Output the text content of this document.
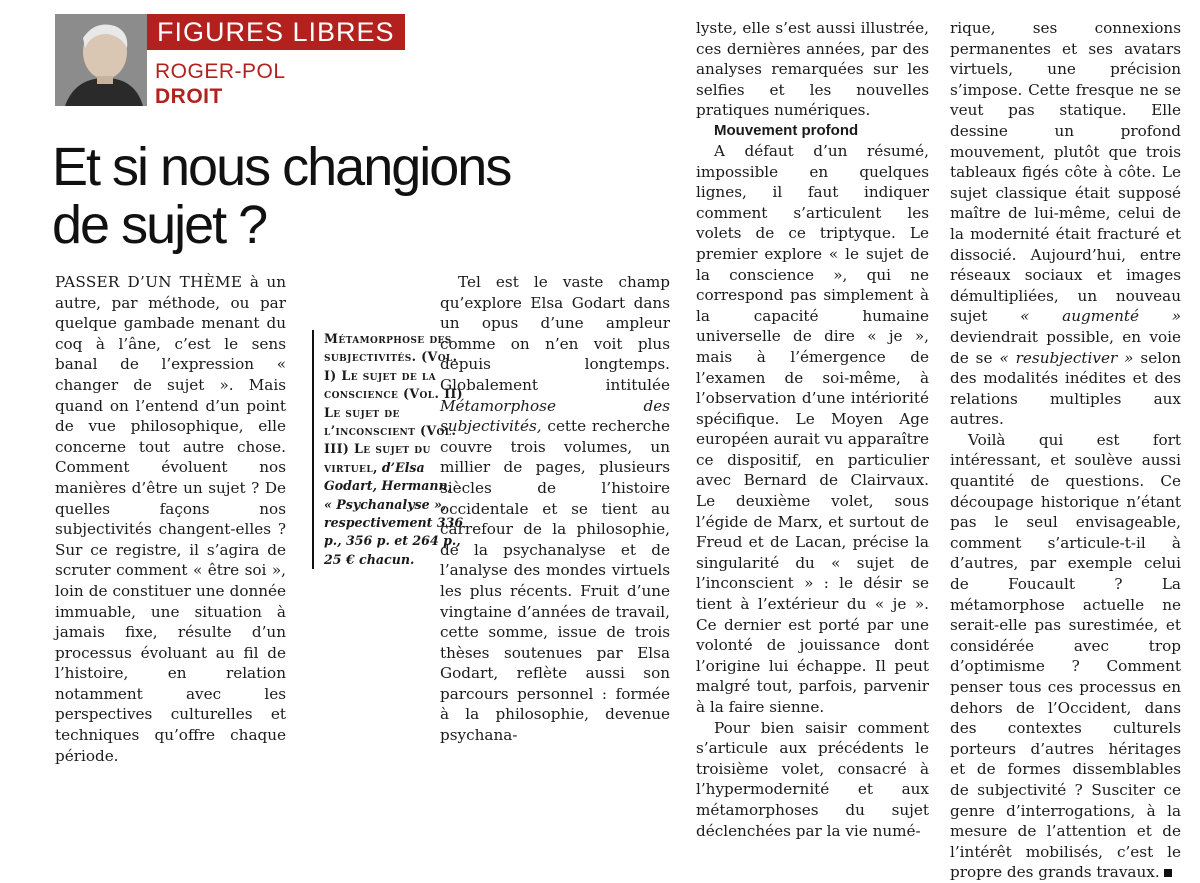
FIGURES LIBRES
ROGER-POL
DROIT
Et si nous changions
de sujet ?

PASSER D’UN THÈME à un autre, par méthode, ou par quelque gambade menant du coq à l’âne, c’est le sens banal de l’expression « changer de sujet ». Mais quand on l’entend d’un point de vue philosophique, elle concerne tout autre chose. Comment évoluent nos manières d’être un sujet ? De quelles façons nos subjectivités changent-elles ? Sur ce registre, il s’agira de scruter comment « être soi », loin de constituer une donnée immuable, une situation à jamais fixe, résulte d’un processus évoluant au fil de l’histoire, en relation notamment avec les perspectives culturelles et techniques qu’offre chaque période.

Métamorphose des subjectivités. (Vol. I) Le sujet de la conscience (Vol. II) Le sujet de l’inconscient (Vol. III) Le sujet du virtuel, d’Elsa Godart, Hermann, « Psychanalyse », respectivement 336 p., 356 p. et 264 p., 25 € chacun.

Tel est le vaste champ qu’explore Elsa Godart dans un opus d’une ampleur comme on n’en voit plus depuis longtemps. Globalement intitulée Métamorphose des subjectivités, cette recherche couvre trois volumes, un millier de pages, plusieurs siècles de l’histoire occidentale et se tient au carrefour de la philosophie, de la psychanalyse et de l’analyse des mondes virtuels les plus récents. Fruit d’une vingtaine d’années de travail, cette somme, issue de trois thèses soutenues par Elsa Godart, reflète aussi son parcours personnel : formée à la philosophie, devenue psychana-

lyste, elle s’est aussi illustrée, ces dernières années, par des analyses remarquées sur les selfies et les nouvelles pratiques numériques.

Mouvement profond

A défaut d’un résumé, impossible en quelques lignes, il faut indiquer comment s’articulent les volets de ce triptyque. Le premier explore « le sujet de la conscience », qui ne correspond pas simplement à la capacité humaine universelle de dire « je », mais à l’émergence de l’examen de soi-même, à l’observation d’une intériorité spécifique. Le Moyen Age européen aurait vu apparaître ce dispositif, en particulier avec Bernard de Clairvaux. Le deuxième volet, sous l’égide de Marx, et surtout de Freud et de Lacan, précise la singularité du « sujet de l’inconscient » : le désir se tient à l’extérieur du « je ». Ce dernier est porté par une volonté de jouissance dont l’origine lui échappe. Il peut malgré tout, parfois, parvenir à la faire sienne.

Pour bien saisir comment s’articule aux précédents le troisième volet, consacré à l’hypermodernité et aux métamorphoses du sujet déclenchées par la vie numé-

rique, ses connexions permanentes et ses avatars virtuels, une précision s’impose. Cette fresque ne se veut pas statique. Elle dessine un profond mouvement, plutôt que trois tableaux figés côte à côte. Le sujet classique était supposé maître de lui-même, celui de la modernité était fracturé et dissocié. Aujourd’hui, entre réseaux sociaux et images démultipliées, un nouveau sujet « augmenté » deviendrait possible, en voie de se « resubjectiver » selon des modalités inédites et des relations multiples aux autres.

Voilà qui est fort intéressant, et soulève aussi quantité de questions. Ce découpage historique n’étant pas le seul envisageable, comment s’articule-t-il à d’autres, par exemple celui de Foucault ? La métamorphose actuelle ne serait-elle pas surestimée, et considérée avec trop d’optimisme ? Comment penser tous ces processus en dehors de l’Occident, dans des contextes culturels porteurs d’autres héritages et de formes dissemblables de subjectivité ? Susciter ce genre d’interrogations, à la mesure de l’attention et de l’intérêt mobilisés, c’est le propre des grands travaux.
